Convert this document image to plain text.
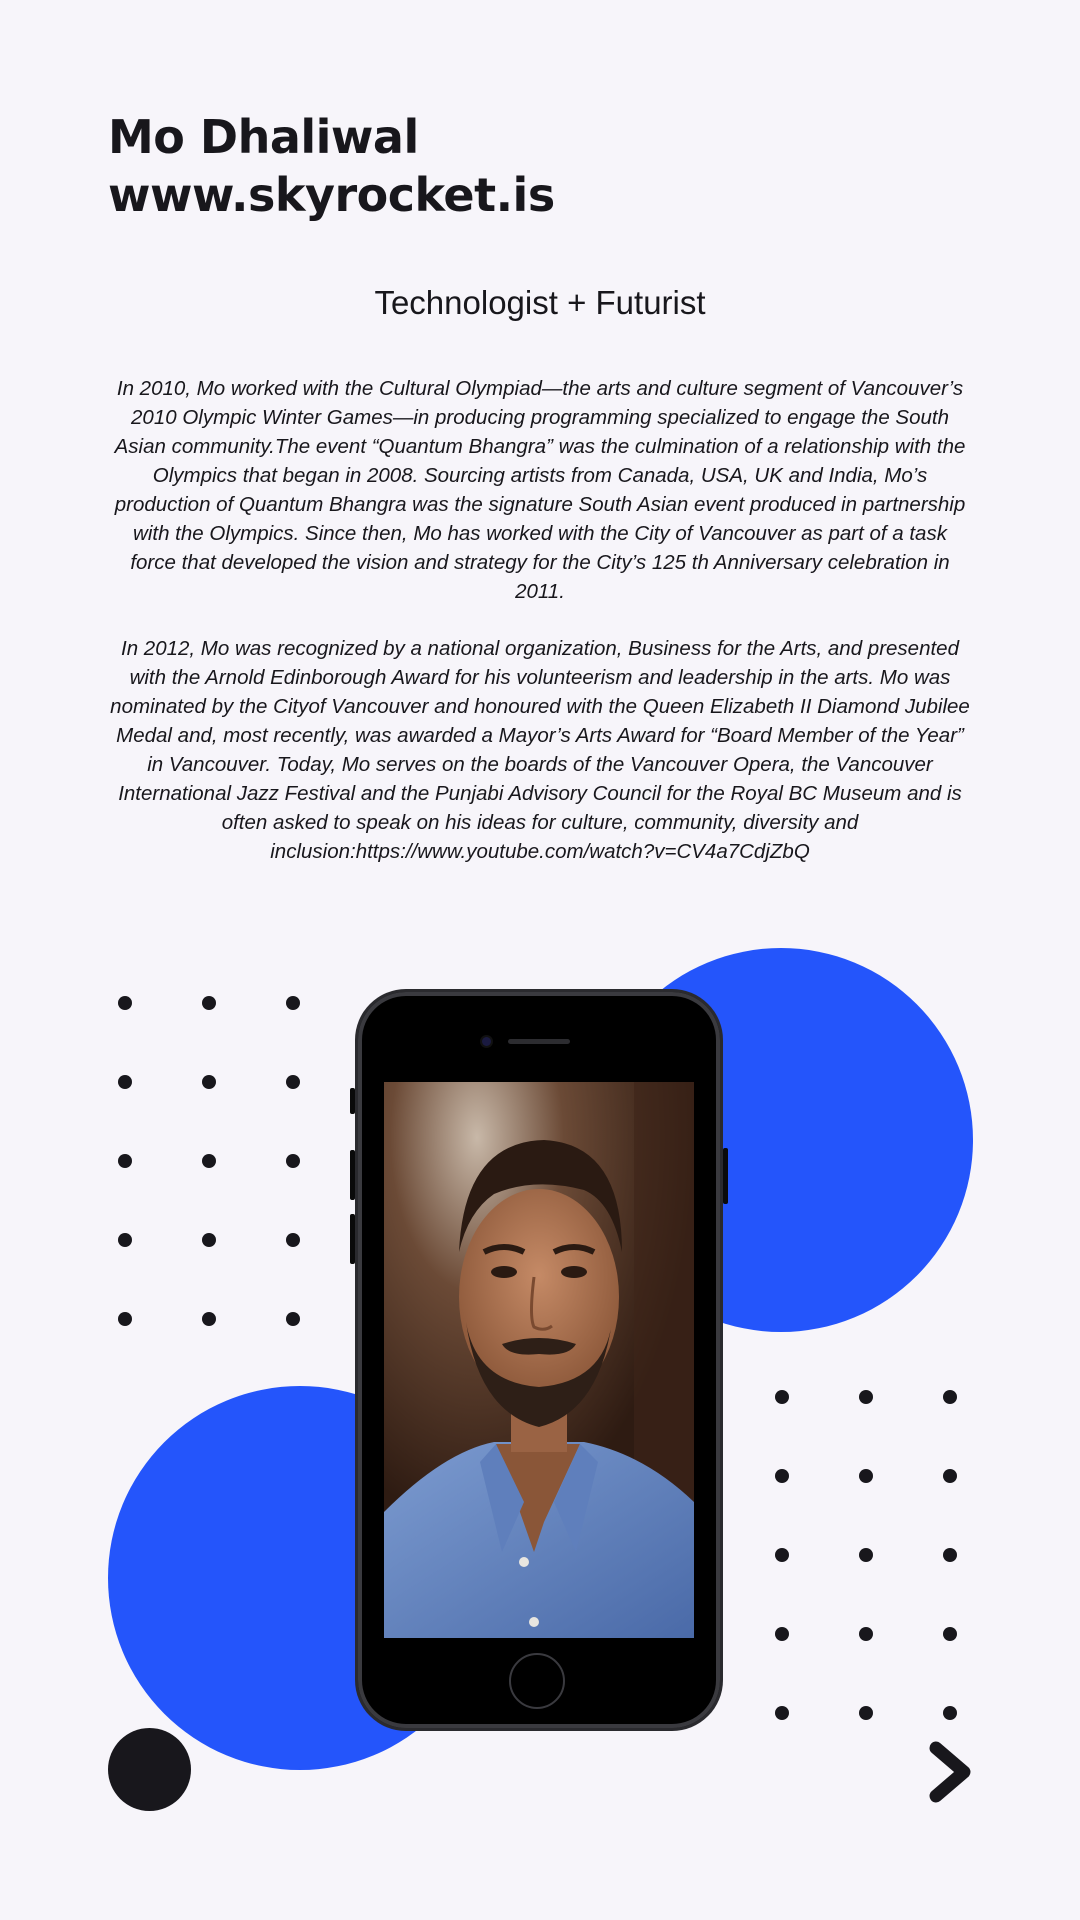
Mo Dhaliwal
www.skyrocket.is
Technologist + Futurist

In 2010, Mo worked with the Cultural Olympiad—the arts and culture segment of Vancouver’s 2010 Olympic Winter Games—in producing programming specialized to engage the South Asian community.The event “Quantum Bhangra” was the culmination of a relationship with the Olympics that began in 2008. Sourcing artists from Canada, USA, UK and India, Mo’s production of Quantum Bhangra was the signature South Asian event produced in partnership with the Olympics. Since then, Mo has worked with the City of Vancouver as part of a task force that developed the vision and strategy for the City’s 125 th Anniversary celebration in 2011.

In 2012, Mo was recognized by a national organization, Business for the Arts, and presented with the Arnold Edinborough Award for his volunteerism and leadership in the arts. Mo was nominated by the Cityof Vancouver and honoured with the Queen Elizabeth II Diamond Jubilee Medal and, most recently, was awarded a Mayor’s Arts Award for “Board Member of the Year” in Vancouver. Today, Mo serves on the boards of the Vancouver Opera, the Vancouver International Jazz Festival and the Punjabi Advisory Council for the Royal BC Museum and is often asked to speak on his ideas for culture, community, diversity and inclusion:https://www.youtube.com/watch?v=CV4a7CdjZbQ
